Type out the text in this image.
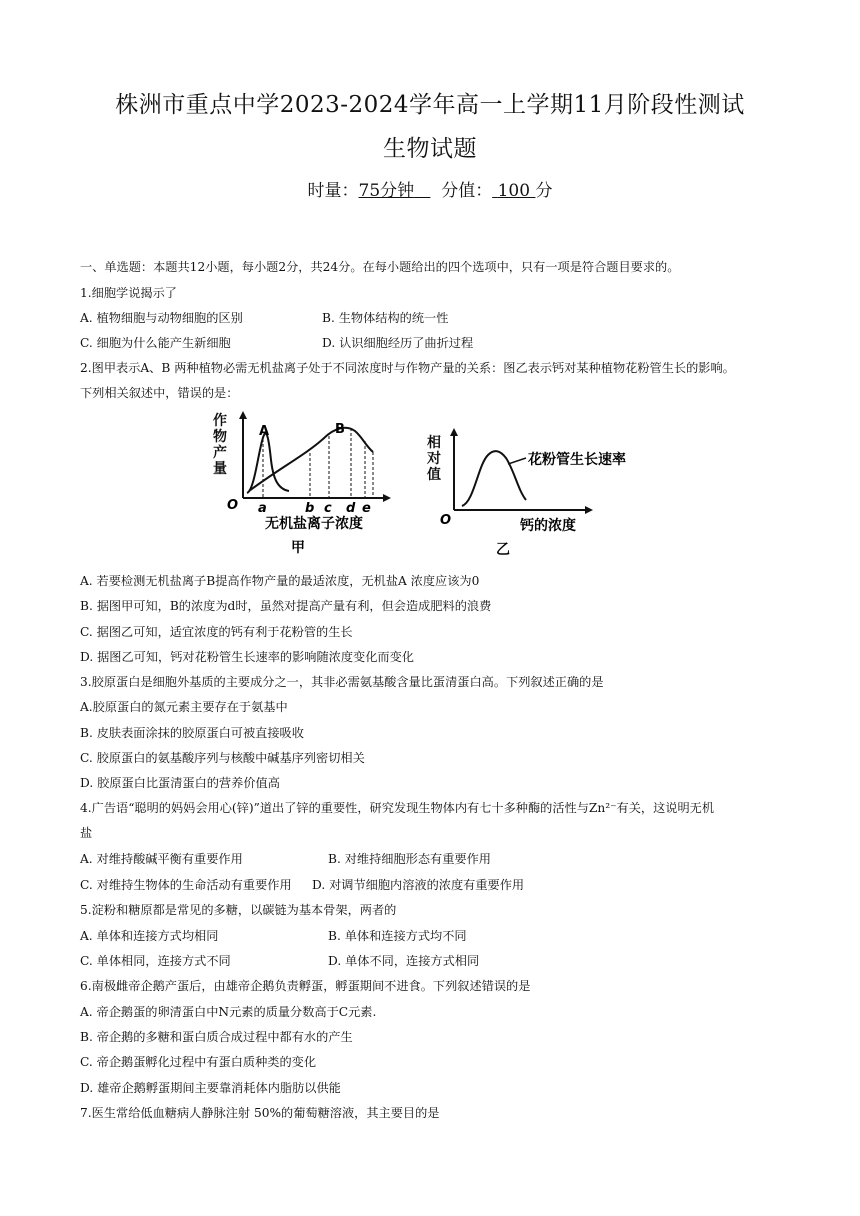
株洲市重点中学2023-2024学年高一上学期11月阶段性测试
生物试题
时量：75分钟 分值： 100 分
一、单选题：本题共12小题，每小题2分，共24分。在每小题给出的四个选项中，只有一项是符合题目要求的。
1.细胞学说揭示了
A. 植物细胞与动物细胞的区别	B. 生物体结构的统一性
C. 细胞为什么能产生新细胞	D. 认识细胞经历了曲折过程
2.图甲表示A、B 两种植物必需无机盐离子处于不同浓度时与作物产量的关系：图乙表示钙对某种植物花粉管生长的影响。
下列相关叙述中，错误的是：
作
物
产
量
O
A	B
a	b c d e
无机盐离子浓度
甲
相
对
值
O
花粉管生长速率
钙的浓度
乙
A. 若要检测无机盐离子B提高作物产量的最适浓度，无机盐A 浓度应该为0
B. 据图甲可知，B的浓度为d时，虽然对提高产量有利，但会造成肥料的浪费
C. 据图乙可知，适宜浓度的钙有利于花粉管的生长
D. 据图乙可知，钙对花粉管生长速率的影响随浓度变化而变化
3.胶原蛋白是细胞外基质的主要成分之一，其非必需氨基酸含量比蛋清蛋白高。下列叙述正确的是
A.胶原蛋白的氮元素主要存在于氨基中
B. 皮肤表面涂抹的胶原蛋白可被直接吸收
C. 胶原蛋白的氨基酸序列与核酸中碱基序列密切相关
D. 胶原蛋白比蛋清蛋白的营养价值高
4.广告语“聪明的妈妈会用心(锌)”道出了锌的重要性，研究发现生物体内有七十多种酶的活性与Zn²⁻有关，这说明无机
盐
A. 对维持酸碱平衡有重要作用	B. 对维持细胞形态有重要作用
C. 对维持生物体的生命活动有重要作用 D. 对调节细胞内溶液的浓度有重要作用
5.淀粉和糖原都是常见的多糖，以碳链为基本骨架，两者的
A. 单体和连接方式均相同	B. 单体和连接方式均不同
C. 单体相同，连接方式不同	D. 单体不同，连接方式相同
6.南极雌帝企鹅产蛋后，由雄帝企鹅负责孵蛋，孵蛋期间不进食。下列叙述错误的是
A. 帝企鹅蛋的卵清蛋白中N元素的质量分数高于C元素.
B. 帝企鹅的多糖和蛋白质合成过程中都有水的产生
C. 帝企鹅蛋孵化过程中有蛋白质种类的变化
D. 雄帝企鹅孵蛋期间主要靠消耗体内脂肪以供能
7.医生常给低血糖病人静脉注射 50%的葡萄糖溶液，其主要目的是
